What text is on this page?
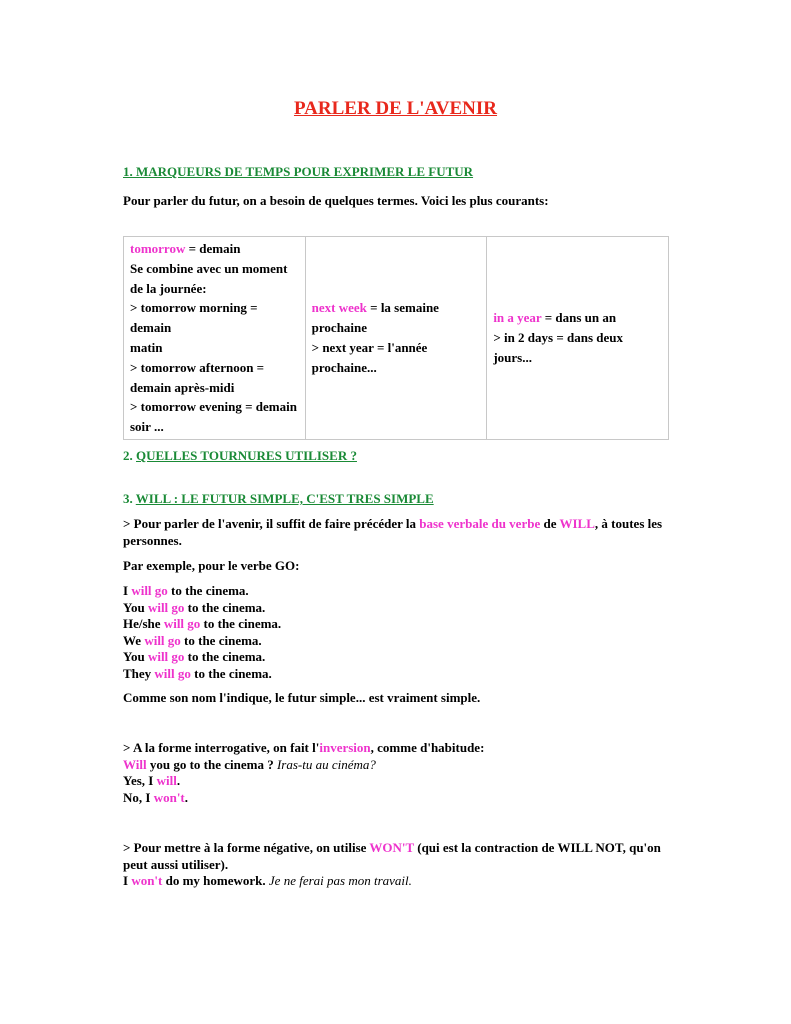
PARLER DE L'AVENIR
1. MARQUEURS DE TEMPS POUR EXPRIMER LE FUTUR
Pour parler du futur, on a besoin de quelques termes. Voici les plus courants:
tomorrow = demain
Se combine avec un moment
de la journée:
> tomorrow morning = demain
matin
> tomorrow afternoon =
demain après-midi
> tomorrow evening = demain
soir ...

next week = la semaine
prochaine
> next year = l'année
prochaine...

in a year = dans un an
> in 2 days = dans deux jours...
2. QUELLES TOURNURES UTILISER ?
3. WILL : LE FUTUR SIMPLE, C'EST TRES SIMPLE
> Pour parler de l'avenir, il suffit de faire précéder la base verbale du verbe de WILL, à toutes les
personnes.
Par exemple, pour le verbe GO:
I will go to the cinema.
You will go to the cinema.
He/she will go to the cinema.
We will go to the cinema.
You will go to the cinema.
They will go to the cinema.
Comme son nom l'indique, le futur simple... est vraiment simple.
> A la forme interrogative, on fait l'inversion, comme d'habitude:
Will you go to the cinema ? Iras-tu au cinéma?
Yes, I will.
No, I won't.
> Pour mettre à la forme négative, on utilise WON'T (qui est la contraction de WILL NOT, qu'on
peut aussi utiliser).
I won't do my homework. Je ne ferai pas mon travail.
